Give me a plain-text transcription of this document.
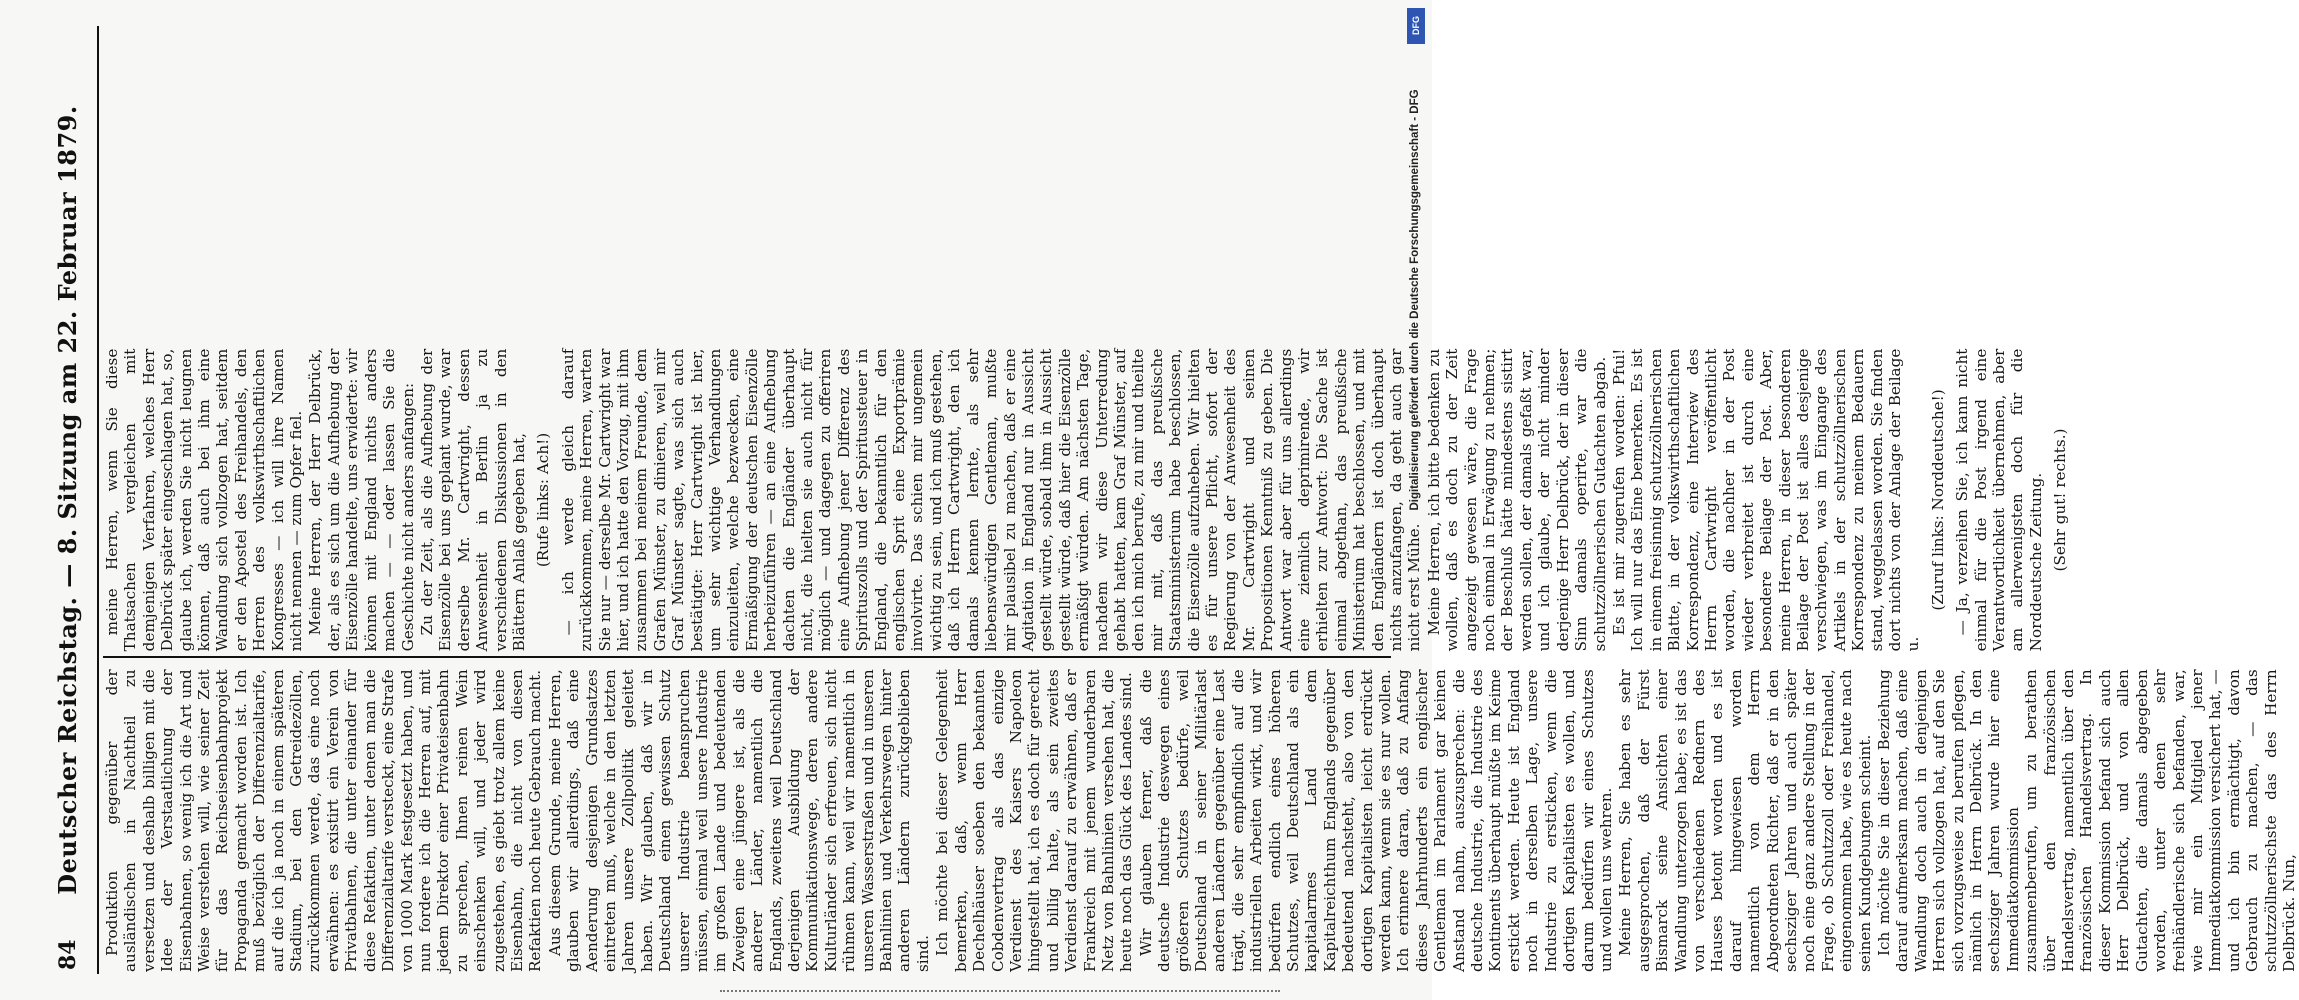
84
Deutscher Reichstag. — 8. Sitzung am 22. Februar 1879. Produktion gegenüber der ausländischen in Nachtheil zu versetzen und deshalb billigen mit die Idee der Verstaatlichung der Eisenbahnen, so wenig ich die Art und Weise verstehen will, wie seiner Zeit für das Reichseisenbahnprojekt Propaganda gemacht worden ist. Ich muß bezüglich der Differenzialtarife, auf die ich ja noch in einem späteren Stadium, bei den Getreidezöllen, zurückkommen werde, das eine noch erwähnen: es existirt ein Verein von Privatbahnen, die unter einander für diese Refaktien, unter denen man die Differenzialtarife versteckt, eine Strafe von 1000 Mark festgesetzt haben, und nun fordere ich die Herren auf, mit jedem Direktor einer Privateisenbahn zu sprechen, Ihnen reinen Wein einschenken will, und jeder wird zugestehen, es giebt trotz allem keine Eisenbahn, die nicht von diesen Refaktien noch heute Gebrauch macht. Aus diesem Grunde, meine Herren, glauben wir allerdings, daß eine Aenderung desjenigen Grundsatzes eintreten muß, welche in den letzten Jahren unsere Zollpolitik geleitet haben. Wir glauben, daß wir in Deutschland einen gewissen Schutz unserer Industrie beanspruchen müssen, einmal weil unsere Industrie im großen Lande und bedeutenden Zweigen eine jüngere ist, als die anderer Länder, namentlich die Englands, zweitens weil Deutschland derjenigen Ausbildung der Kommunikationswege, deren andere Kulturländer sich erfreuen, sich nicht rühmen kann, weil wir namentlich in unseren Wasserstraßen und in unseren Bahnlinien und Verkehrswegen hinter anderen Ländern zurückgeblieben sind. Ich möchte bei dieser Gelegenheit bemerken, daß, wenn Herr Dechelhäuser soeben den bekannten Cobdenvertrag als das einzige Verdienst des Kaisers Napoleon hingestellt hat, ich es doch für gerecht und billig halte, als sein zweites Verdienst darauf zu erwähnen, daß er Frankreich mit jenem wunderbaren Netz von Bahnlinien versehen hat, die heute noch das Glück des Landes sind. Wir glauben ferner, daß die deutsche Industrie deswegen eines größeren Schutzes bedürfe, weil Deutschland in seiner Militärlast anderen Ländern gegenüber eine Last trägt, die sehr empfindlich auf die industriellen Arbeiten wirkt, und wir bedürfen endlich eines höheren Schutzes, weil Deutschland als ein kapitalarmes Land dem Kapitalreichthum Englands gegenüber bedeutend nachsteht, also von den dortigen Kapitalisten leicht erdrückt werden kann, wenn sie es nur wollen. Ich erinnere daran, daß zu Anfang dieses Jahrhunderts ein englischer Gentleman im Parlament gar keinen Anstand nahm, auszusprechen: die deutsche Industrie, die Industrie des Kontinents überhaupt müßte im Keime erstickt werden. Heute ist England noch in derselben Lage, unsere Industrie zu ersticken, wenn die dortigen Kapitalisten es wollen, und darum bedürfen wir eines Schutzes und wollen uns wehren. Meine Herren, Sie haben es sehr ausgesprochen, daß der Fürst Bismarck seine Ansichten einer Wandlung unterzogen habe; es ist das von verschiedenen Rednern des Hauses betont worden und es ist darauf hingewiesen worden namentlich von dem Herrn Abgeordneten Richter, daß er in den sechsziger Jahren und auch später noch eine ganz andere Stellung in der Frage, ob Schutzzoll oder Freihandel, eingenommen habe, wie es heute nach seinen Kundgebungen scheint. Ich möchte Sie in dieser Beziehung darauf aufmerksam machen, daß eine Wandlung doch auch in denjenigen Herren sich vollzogen hat, auf den Sie sich vorzugsweise zu berufen pflegen, nämlich in Herrn Delbrück. In den sechsziger Jahren wurde hier eine Immediatkommission zusammenberufen, um zu berathen über den französischen Handelsvertrag, namentlich über den französischen Handelsvertrag. In dieser Kommission befand sich auch Herr Delbrück, und von allen Gutachten, die damals abgegeben worden, unter denen sehr freihändlerische sich befanden, war, wie mir ein Mitglied jener Immediatkommission versichert hat, — und ich bin ermächtigt, davon Gebrauch zu machen, — das schutzzöllnerischste das des Herrn Delbrück. Nun,

meine Herren, wenn Sie diese Thatsachen vergleichen mit demjenigen Verfahren, welches Herr Delbrück später eingeschlagen hat, so, glaube ich, werden Sie nicht leugnen können, daß auch bei ihm eine Wandlung sich vollzogen hat, seitdem er den Apostel des Freihandels, den Herren des volkswirthschaftlichen Kongresses — ich will ihre Namen nicht nennen — zum Opfer fiel. Meine Herren, der Herr Delbrück, der, als es sich um die Aufhebung der Eisenzölle handelte, uns erwiderte: wir können mit England nichts anders machen — — oder lassen Sie die Geschichte nicht anders anfangen: Zu der Zeit, als die Aufhebung der Eisenzölle bei uns geplant wurde, war derselbe Mr. Cartwright, dessen Anwesenheit in Berlin ja zu verschiedenen Diskussionen in den Blättern Anlaß gegeben hat, (Rufe links: Ach!) — ich werde gleich darauf zurückkommen, meine Herren, warten Sie nur — derselbe Mr. Cartwright war hier, und ich hatte den Vorzug, mit ihm zusammen bei meinem Freunde, dem Grafen Münster, zu dinieren, weil mir Graf Münster sagte, was sich auch bestätigte: Herr Cartwright ist hier, um sehr wichtige Verhandlungen einzuleiten, welche bezwecken, eine Ermäßigung der deutschen Eisenzölle herbeizuführen — an eine Aufhebung dachten die Engländer überhaupt nicht, die hielten sie auch nicht für möglich — und dagegen zu offeriren eine Aufhebung jener Differenz des Spirituszolls und der Spiritussteuer in England, die bekanntlich für den englischen Sprit eine Exportprämie involvirte. Das schien mir ungemein wichtig zu sein, und ich muß gestehen, daß ich Herrn Cartwright, den ich damals kennen lernte, als sehr liebenswürdigen Gentleman, mußte mir plausibel zu machen, daß er eine Agitation in England nur in Aussicht gestellt würde, sobald ihm in Aussicht gestellt würde, daß hier die Eisenzölle ermäßigt würden. Am nächsten Tage, nachdem wir diese Unterredung gehabt hatten, kam Graf Münster, auf den ich mich berufe, zu mir und theilte mir mit, daß das preußische Staatsministerium habe beschlossen, die Eisenzölle aufzuheben. Wir hielten es für unsere Pflicht, sofort der Regierung von der Anwesenheit des Mr. Cartwright und seinen Propositionen Kenntniß zu geben. Die Antwort war aber für uns allerdings eine ziemlich deprimirende, wir erhielten zur Antwort: Die Sache ist einmal abgethan, das preußische Ministerium hat beschlossen, und mit den Engländern ist doch überhaupt nichts anzufangen, da geht auch gar nicht erst Mühe. Meine Herren, ich bitte bedenken zu wollen, daß es doch zu der Zeit angezeigt gewesen wäre, die Frage noch einmal in Erwägung zu nehmen; der Beschluß hätte mindestens sistirt werden sollen, der damals gefaßt war, und ich glaube, der nicht minder derjenige Herr Delbrück, der in dieser Sinn damals operirte, war die schutzzöllnerischen Gutachten abgab. Es ist mir zugerufen worden: Pfui! Ich will nur das Eine bemerken. Es ist in einem freisinnig schutzzöllnerischen Blatte, in der volkswirthschaftlichen Korrespondenz, eine Interview des Herrn Cartwright veröffentlicht worden, die nachher in der Post wieder verbreitet ist durch eine besondere Beilage der Post. Aber, meine Herren, in dieser besonderen Beilage der Post ist alles desjenige verschwiegen, was im Eingange des Artikels in der schutzzöllnerischen Korrespondenz zu meinem Bedauern stand, weggelassen worden. Sie finden dort nichts von der Anlage der Beilage u.

(Zuruf links: Norddeutsche!) — Ja, verzeihen Sie, ich kann nicht einmal für die Post irgend eine Verantwortlichkeit übernehmen, aber am allerwenigsten doch für die Norddeutsche Zeitung. (Sehr gut! rechts.)

Digitalisierung gefördert durch die Deutsche Forschungsgemeinschaft - DFG
DFG
